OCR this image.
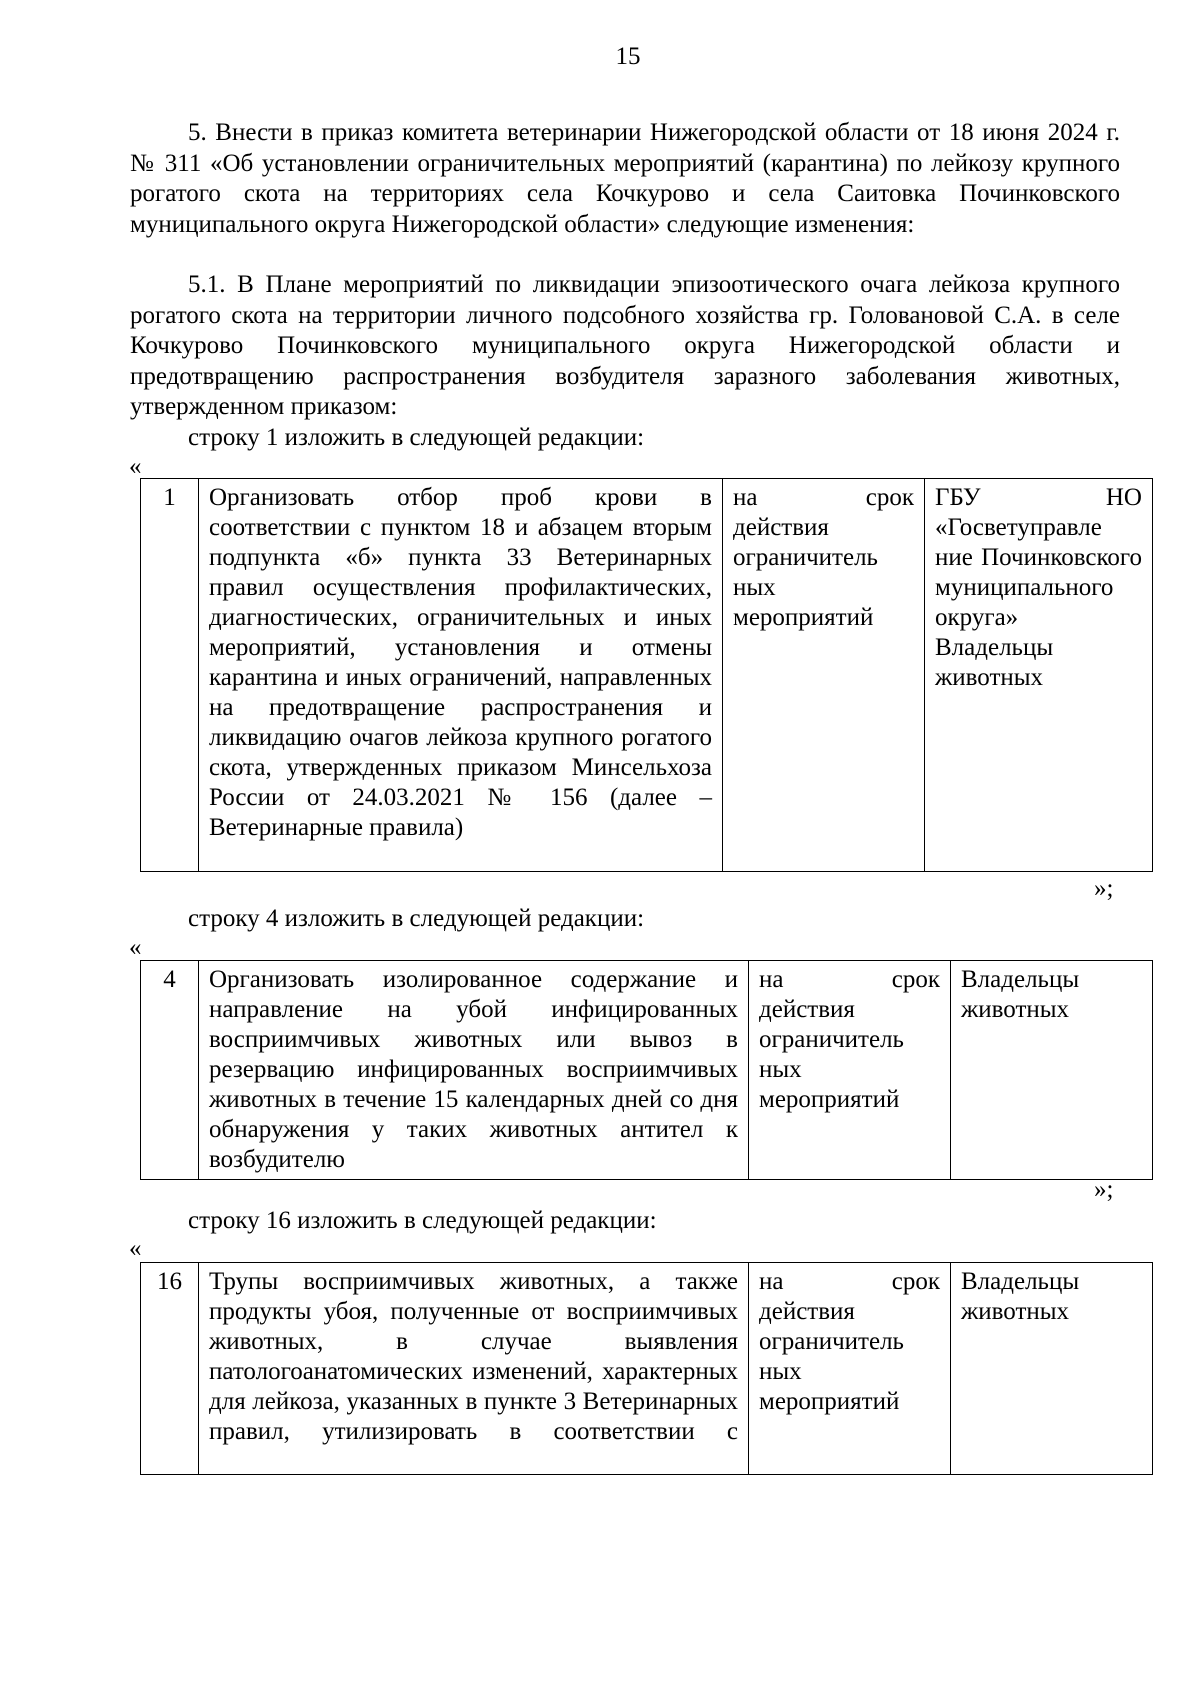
15

5. Внести в приказ комитета ветеринарии Нижегородской области от 18 июня 2024 г. № 311 «Об установлении ограничительных мероприятий (карантина) по лейкозу крупного рогатого скота на территориях села Кочкурово и села Саитовка Починковского муниципального округа Нижегородской области» следующие изменения:

5.1. В Плане мероприятий по ликвидации эпизоотического очага лейкоза крупного рогатого скота на территории личного подсобного хозяйства гр. Головановой С.А. в селе Кочкурово Починковского муниципального округа Нижегородской области и предотвращению распространения возбудителя заразного заболевания животных, утвержденном приказом:

строку 1 изложить в следующей редакции:
«
1	Организовать отбор проб крови в соответствии с пунктом 18 и абзацем вторым подпункта «б» пункта 33 Ветеринарных правил осуществления профилактических, диагностических, ограничительных и иных мероприятий, установления и отмены карантина и иных ограничений, направленных на предотвращение распространения и ликвидацию очагов лейкоза крупного рогатого скота, утвержденных приказом Минсельхоза России от 24.03.2021 № 156 (далее – Ветеринарные правила)	на срок действия ограничитель ных мероприятий	ГБУ НО «Госветуправле ние Починковского муниципального округа» Владельцы животных
»;
строку 4 изложить в следующей редакции:
«
4	Организовать изолированное содержание и направление на убой инфицированных восприимчивых животных или вывоз в резервацию инфицированных восприимчивых животных в течение 15 календарных дней со дня обнаружения у таких животных антител к возбудителю	на срок действия ограничитель ных мероприятий	Владельцы животных
»;
строку 16 изложить в следующей редакции:
«
16	Трупы восприимчивых животных, а также продукты убоя, полученные от восприимчивых животных, в случае выявления патологоанатомических изменений, характерных для лейкоза, указанных в пункте 3 Ветеринарных правил, утилизировать в соответствии с	на срок действия ограничитель ных мероприятий	Владельцы животных
